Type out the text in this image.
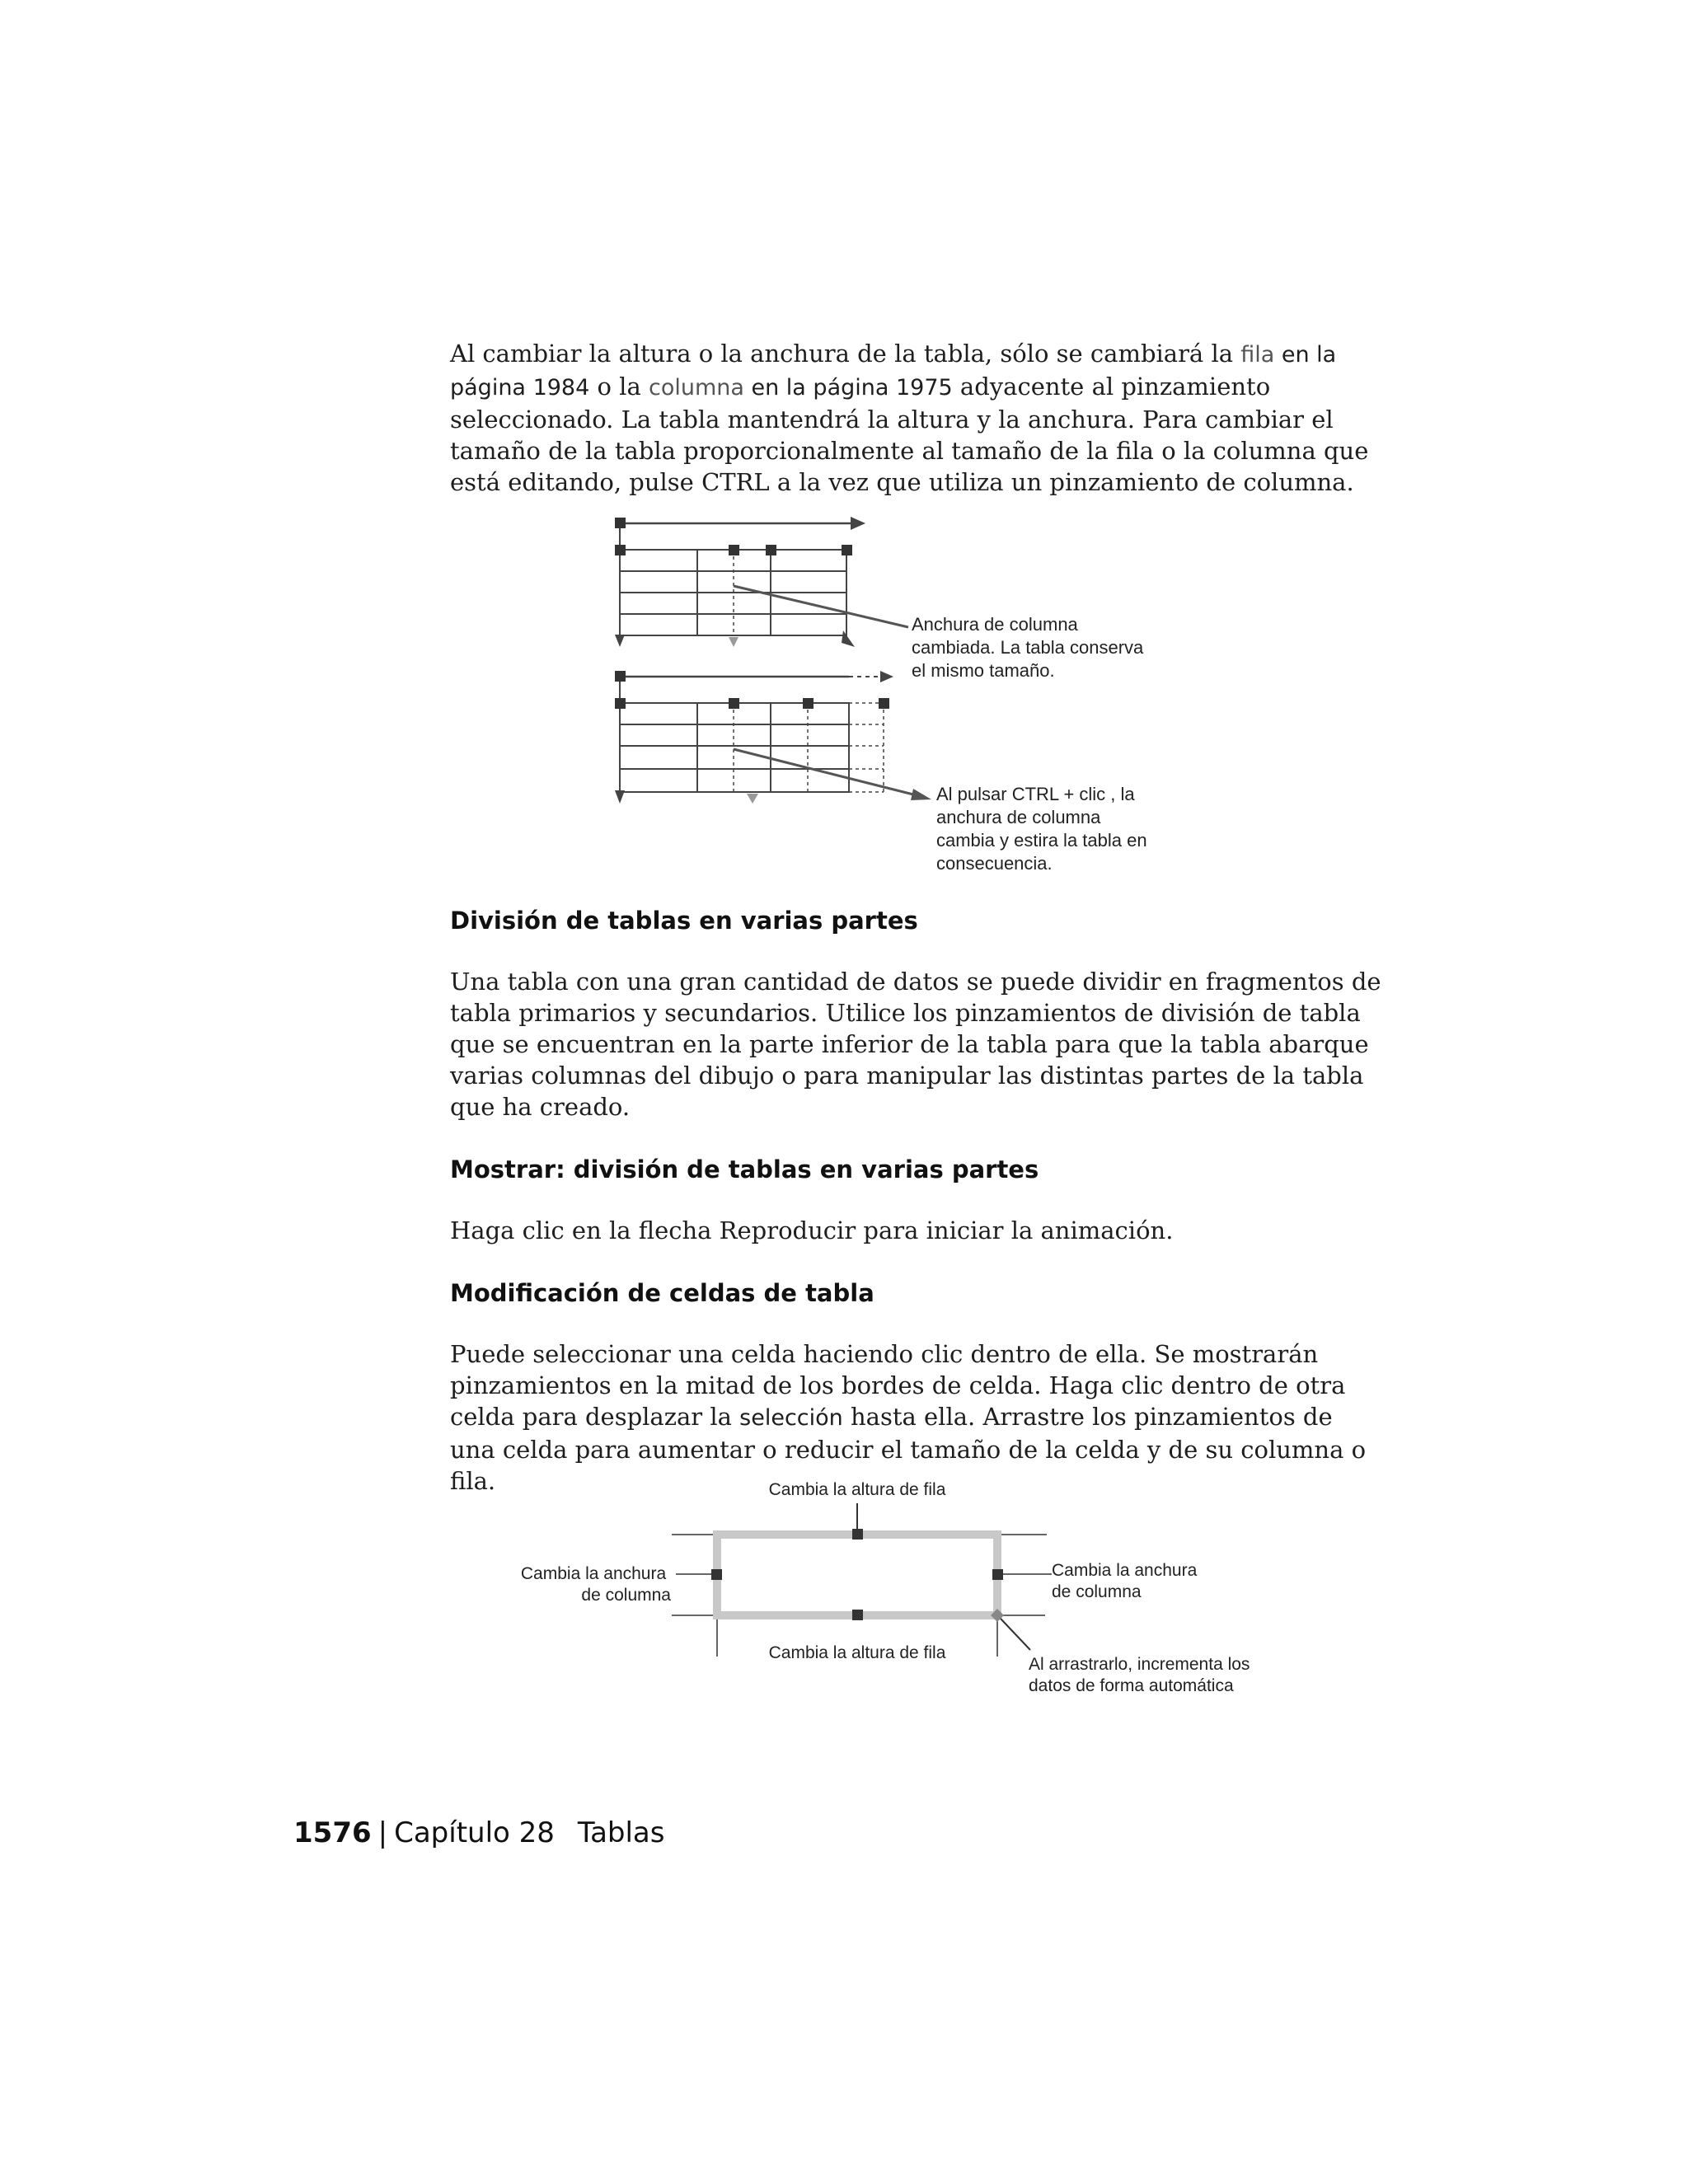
Al cambiar la altura o la anchura de la tabla, sólo se cambiará la fila en la página 1984 o la columna en la página 1975 adyacente al pinzamiento seleccionado. La tabla mantendrá la altura y la anchura. Para cambiar el tamaño de la tabla proporcionalmente al tamaño de la fila o la columna que está editando, pulse CTRL a la vez que utiliza un pinzamiento de columna.

Anchura de columna cambiada. La tabla conserva el mismo tamaño.
Al pulsar CTRL + clic , la anchura de columna cambia y estira la tabla en consecuencia.
División de tablas en varias partes

Una tabla con una gran cantidad de datos se puede dividir en fragmentos de tabla primarios y secundarios. Utilice los pinzamientos de división de tabla que se encuentran en la parte inferior de la tabla para que la tabla abarque varias columnas del dibujo o para manipular las distintas partes de la tabla que ha creado.

Mostrar: división de tablas en varias partes

Haga clic en la flecha Reproducir para iniciar la animación.

Modificación de celdas de tabla

Puede seleccionar una celda haciendo clic dentro de ella. Se mostrarán pinzamientos en la mitad de los bordes de celda. Haga clic dentro de otra celda para desplazar la selección hasta ella. Arrastre los pinzamientos de una celda para aumentar o reducir el tamaño de la celda y de su columna o fila.	Cambia la altura de fila
Cambia la anchura de columna
Cambia la anchura de columna
Cambia la altura de fila
Al arrastrarlo, incrementa los datos de forma automática
1576 | Capítulo 28 Tablas
